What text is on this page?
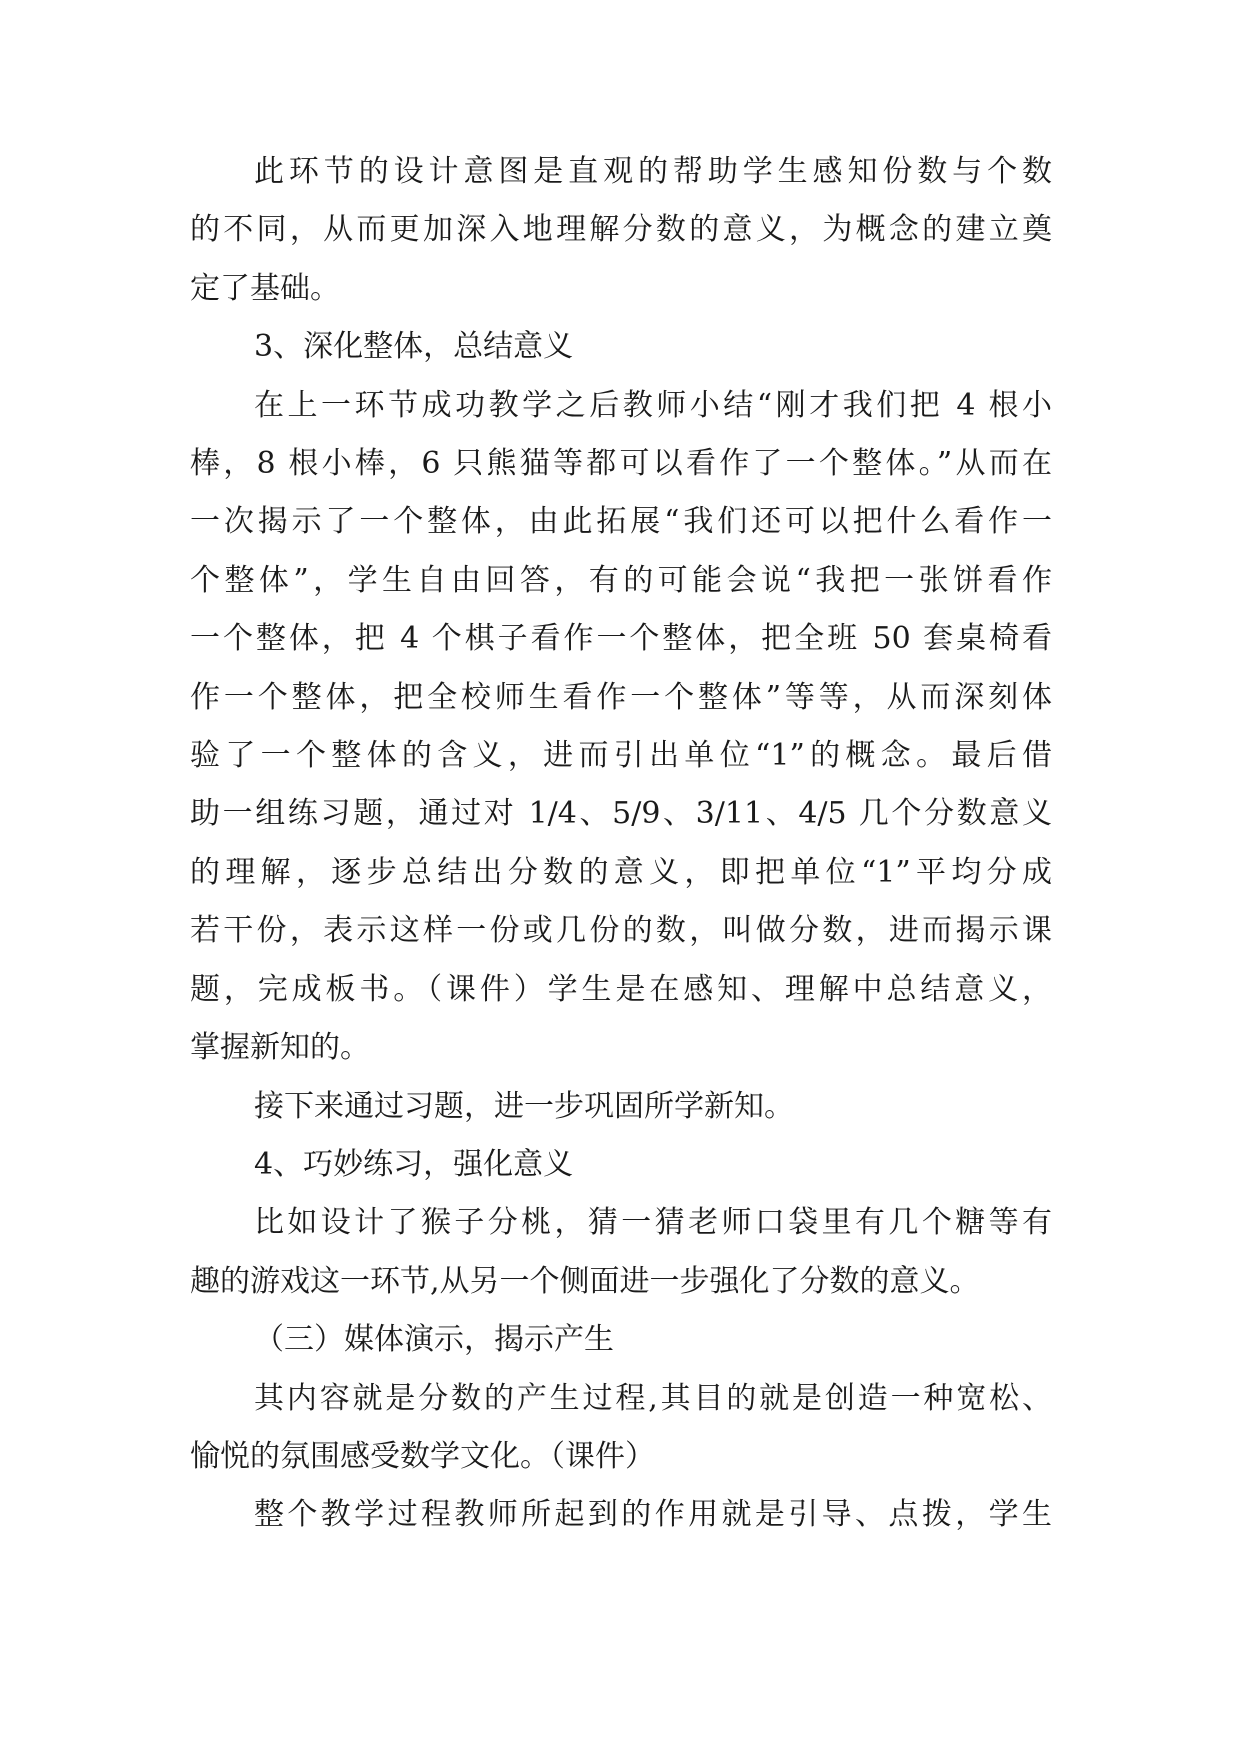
此环节的设计意图是直观的帮助学生感知份数与个数
的不同，从而更加深入地理解分数的意义，为概念的建立奠
定了基础。
3、深化整体，总结意义
在上一环节成功教学之后教师小结“刚才我们把 4 根小
棒，8 根小棒，6 只熊猫等都可以看作了一个整体。”从而在
一次揭示了一个整体，由此拓展“我们还可以把什么看作一
个整体”，学生自由回答，有的可能会说“我把一张饼看作
一个整体，把 4 个棋子看作一个整体，把全班 50 套桌椅看
作一个整体，把全校师生看作一个整体”等等，从而深刻体
验了一个整体的含义，进而引出单位“1”的概念。最后借
助一组练习题，通过对 1/4、5/9、3/11、4/5 几个分数意义
的理解，逐步总结出分数的意义，即把单位“1”平均分成
若干份，表示这样一份或几份的数，叫做分数，进而揭示课
题，完成板书。（课件）学生是在感知、理解中总结意义，
掌握新知的。
接下来通过习题，进一步巩固所学新知。
4、巧妙练习，强化意义
比如设计了猴子分桃，猜一猜老师口袋里有几个糖等有
趣的游戏这一环节,从另一个侧面进一步强化了分数的意义。
（三）媒体演示，揭示产生
其内容就是分数的产生过程,其目的就是创造一种宽松、
愉悦的氛围感受数学文化。（课件）
整个教学过程教师所起到的作用就是引导、点拨，学生
